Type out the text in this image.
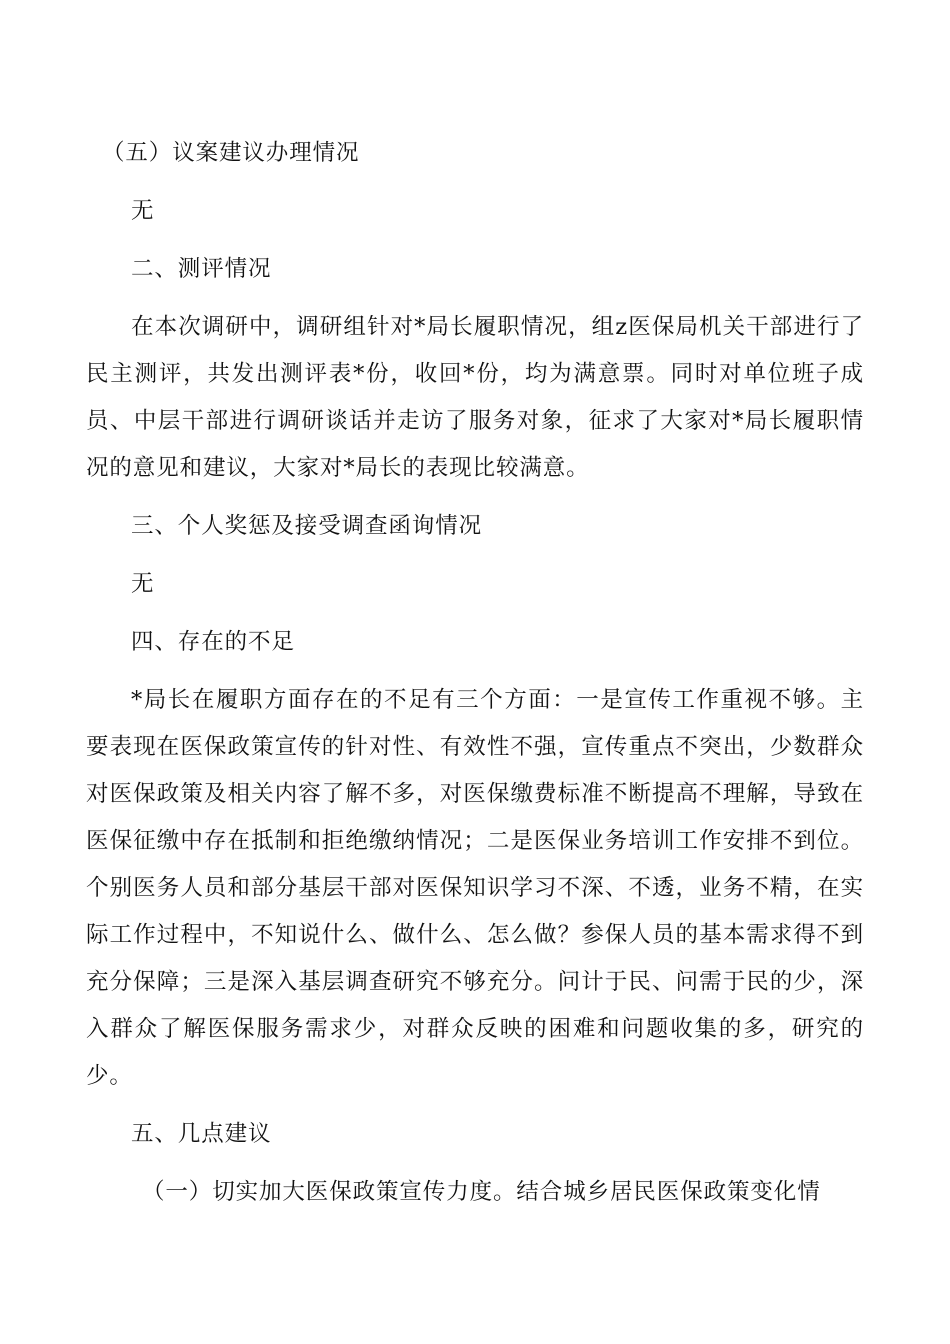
（五）议案建议办理情况

无

二、测评情况

在本次调研中，调研组针对*局长履职情况，组z医保局机关干部进行了民主测评，共发出测评表*份，收回*份，均为满意票。同时对单位班子成员、中层干部进行调研谈话并走访了服务对象，征求了大家对*局长履职情况的意见和建议，大家对*局长的表现比较满意。

三、个人奖惩及接受调查函询情况

无

四、存在的不足

*局长在履职方面存在的不足有三个方面：一是宣传工作重视不够。主要表现在医保政策宣传的针对性、有效性不强，宣传重点不突出，少数群众对医保政策及相关内容了解不多，对医保缴费标准不断提高不理解，导致在医保征缴中存在抵制和拒绝缴纳情况；二是医保业务培训工作安排不到位。个别医务人员和部分基层干部对医保知识学习不深、不透，业务不精，在实际工作过程中，不知说什么、做什么、怎么做？参保人员的基本需求得不到充分保障；三是深入基层调查研究不够充分。问计于民、问需于民的少，深入群众了解医保服务需求少，对群众反映的困难和问题收集的多，研究的少。

五、几点建议

（一）切实加大医保政策宣传力度。结合城乡居民医保政策变化情
